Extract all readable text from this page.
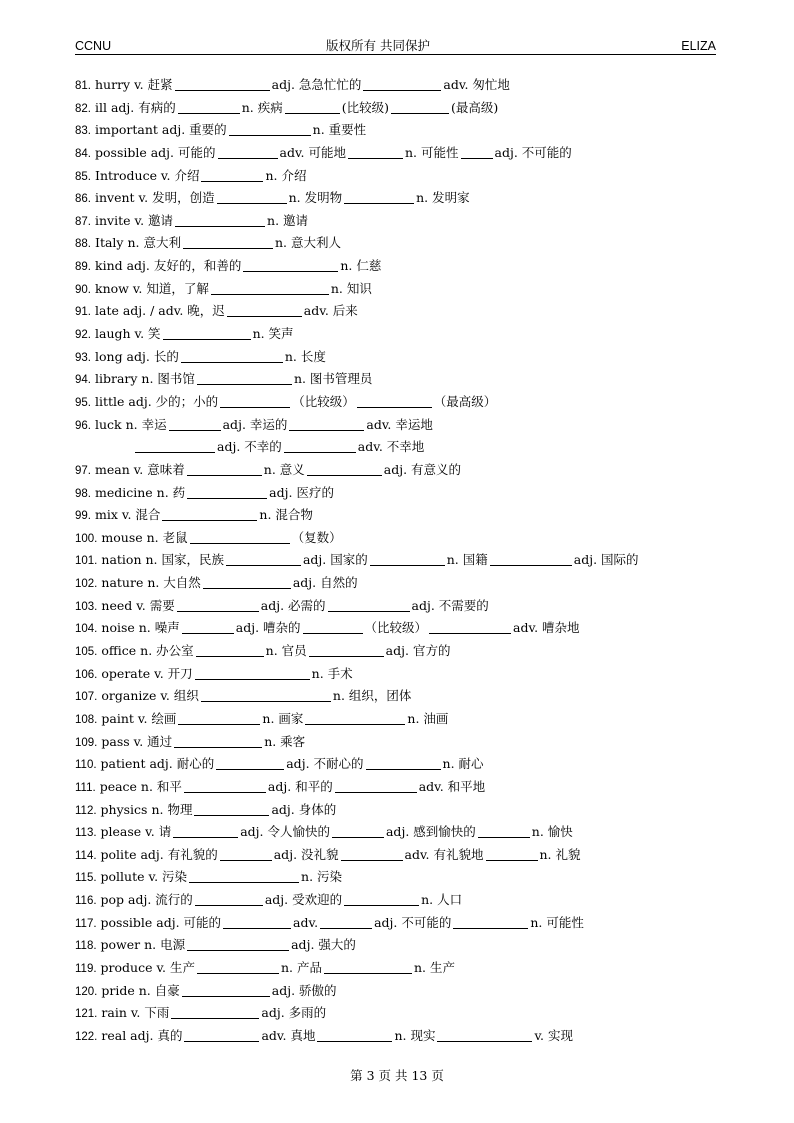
CCNU	版权所有 共同保护	ELIZA
81. hurry v. 赶紧	adj. 急急忙忙的	adv. 匆忙地
82. ill adj. 有病的	n. 疾病	(比较级)	(最高级)
83. important adj. 重要的	n. 重要性
84. possible adj. 可能的	adv. 可能地	n. 可能性	adj. 不可能的
85. Introduce v. 介绍	n. 介绍
86. invent v. 发明，创造	n. 发明物	n. 发明家
87. invite v. 邀请	n. 邀请
88. Italy n. 意大利	n. 意大利人
89. kind adj. 友好的，和善的	n. 仁慈
90. know v. 知道，了解	n. 知识
91. late adj. / adv. 晚，迟	adv. 后来
92. laugh v. 笑	n. 笑声
93. long adj. 长的	n. 长度
94. library n. 图书馆	n. 图书管理员
95. little adj. 少的；小的	（比较级）	（最高级）
96. luck n. 幸运	adj. 幸运的	adv. 幸运地
adj. 不幸的	adv. 不幸地
97. mean v. 意味着	n. 意义	adj. 有意义的
98. medicine n. 药	adj. 医疗的
99. mix v. 混合	n. 混合物
100. mouse n. 老鼠	（复数）
101. nation n. 国家，民族	adj. 国家的	n. 国籍	adj. 国际的
102. nature n. 大自然	adj. 自然的
103. need v. 需要	adj. 必需的	adj. 不需要的
104. noise n. 噪声	adj. 嘈杂的	（比较级）	adv. 嘈杂地
105. office n. 办公室	n. 官员	adj. 官方的
106. operate v. 开刀	n. 手术
107. organize v. 组织	n. 组织，团体
108. paint v. 绘画	n. 画家	n. 油画
109. pass v. 通过	n. 乘客
110. patient adj. 耐心的	adj. 不耐心的	n. 耐心
111. peace n. 和平	adj. 和平的	adv. 和平地
112. physics n. 物理	adj. 身体的
113. please v. 请	adj. 令人愉快的	adj. 感到愉快的	n. 愉快
114. polite adj. 有礼貌的	adj. 没礼貌	adv. 有礼貌地	n. 礼貌
115. pollute v. 污染	n. 污染
116. pop adj. 流行的	adj. 受欢迎的	n. 人口
117. possible adj. 可能的	adv.	adj. 不可能的	n. 可能性
118. power n. 电源	adj. 强大的
119. produce v. 生产	n. 产品	n. 生产
120. pride n. 自豪	adj. 骄傲的
121. rain v. 下雨	adj. 多雨的
122. real adj. 真的	adv. 真地	n. 现实	v. 实现
第 3 页 共 13 页
